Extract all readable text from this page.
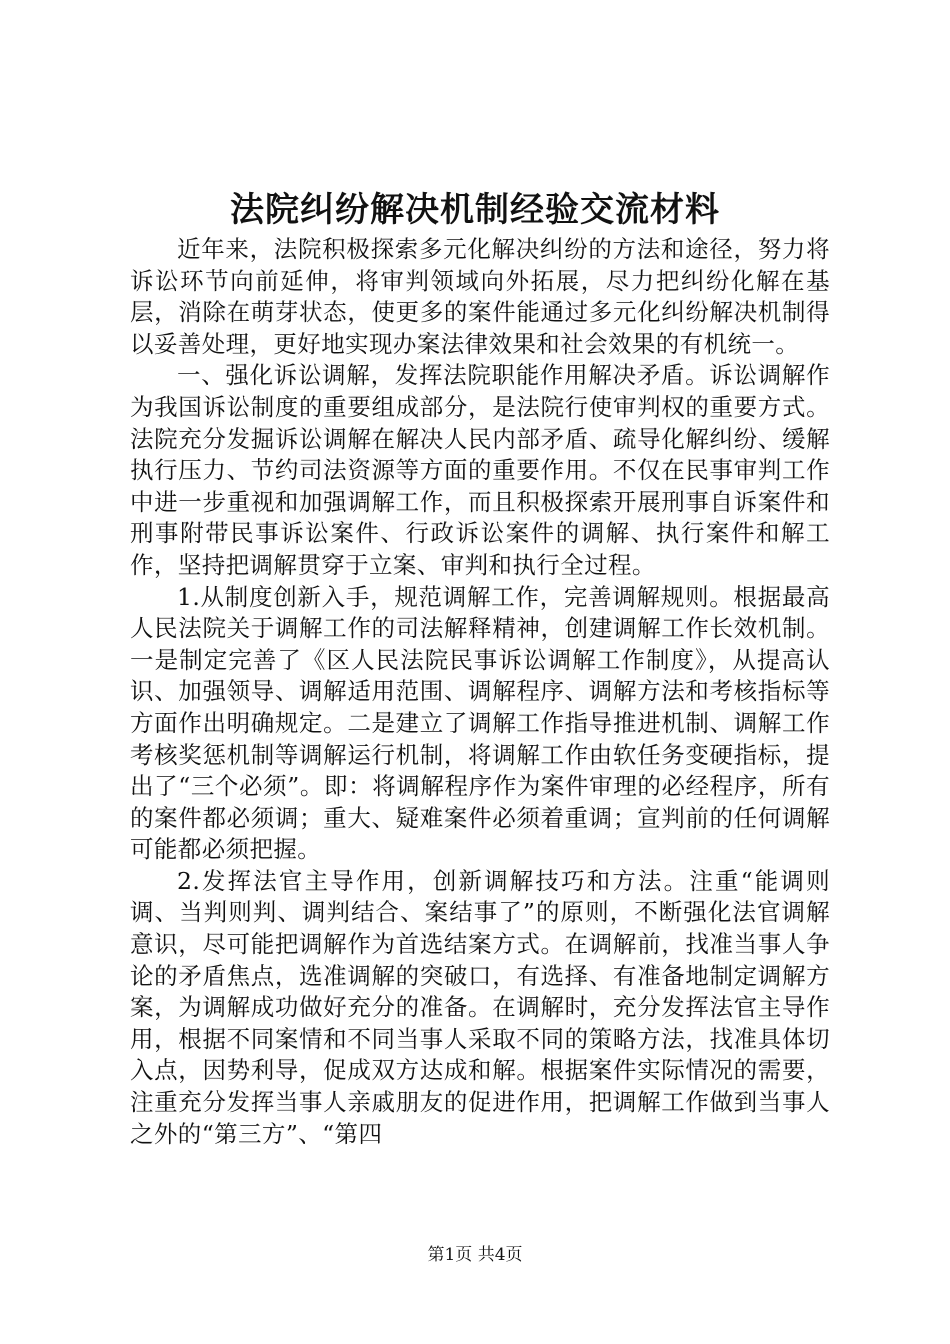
法院纠纷解决机制经验交流材料

近年来，法院积极探索多元化解决纠纷的方法和途径，努力将诉讼环节向前延伸，将审判领域向外拓展，尽力把纠纷化解在基层，消除在萌芽状态，使更多的案件能通过多元化纠纷解决机制得以妥善处理，更好地实现办案法律效果和社会效果的有机统一。

一、强化诉讼调解，发挥法院职能作用解决矛盾。诉讼调解作为我国诉讼制度的重要组成部分，是法院行使审判权的重要方式。法院充分发掘诉讼调解在解决人民内部矛盾、疏导化解纠纷、缓解执行压力、节约司法资源等方面的重要作用。不仅在民事审判工作中进一步重视和加强调解工作，而且积极探索开展刑事自诉案件和刑事附带民事诉讼案件、行政诉讼案件的调解、执行案件和解工作，坚持把调解贯穿于立案、审判和执行全过程。

1.从制度创新入手，规范调解工作，完善调解规则。根据最高人民法院关于调解工作的司法解释精神，创建调解工作长效机制。一是制定完善了《区人民法院民事诉讼调解工作制度》，从提高认识、加强领导、调解适用范围、调解程序、调解方法和考核指标等方面作出明确规定。二是建立了调解工作指导推进机制、调解工作考核奖惩机制等调解运行机制，将调解工作由软任务变硬指标，提出了“三个必须”。即：将调解程序作为案件审理的必经程序，所有的案件都必须调；重大、疑难案件必须着重调；宣判前的任何调解可能都必须把握。

2.发挥法官主导作用，创新调解技巧和方法。注重“能调则调、当判则判、调判结合、案结事了”的原则，不断强化法官调解意识，尽可能把调解作为首选结案方式。在调解前，找准当事人争论的矛盾焦点，选准调解的突破口，有选择、有准备地制定调解方案，为调解成功做好充分的准备。在调解时，充分发挥法官主导作用，根据不同案情和不同当事人采取不同的策略方法，找准具体切入点，因势利导，促成双方达成和解。根据案件实际情况的需要，注重充分发挥当事人亲戚朋友的促进作用，把调解工作做到当事人之外的“第三方”、“第四

第1页 共4页
